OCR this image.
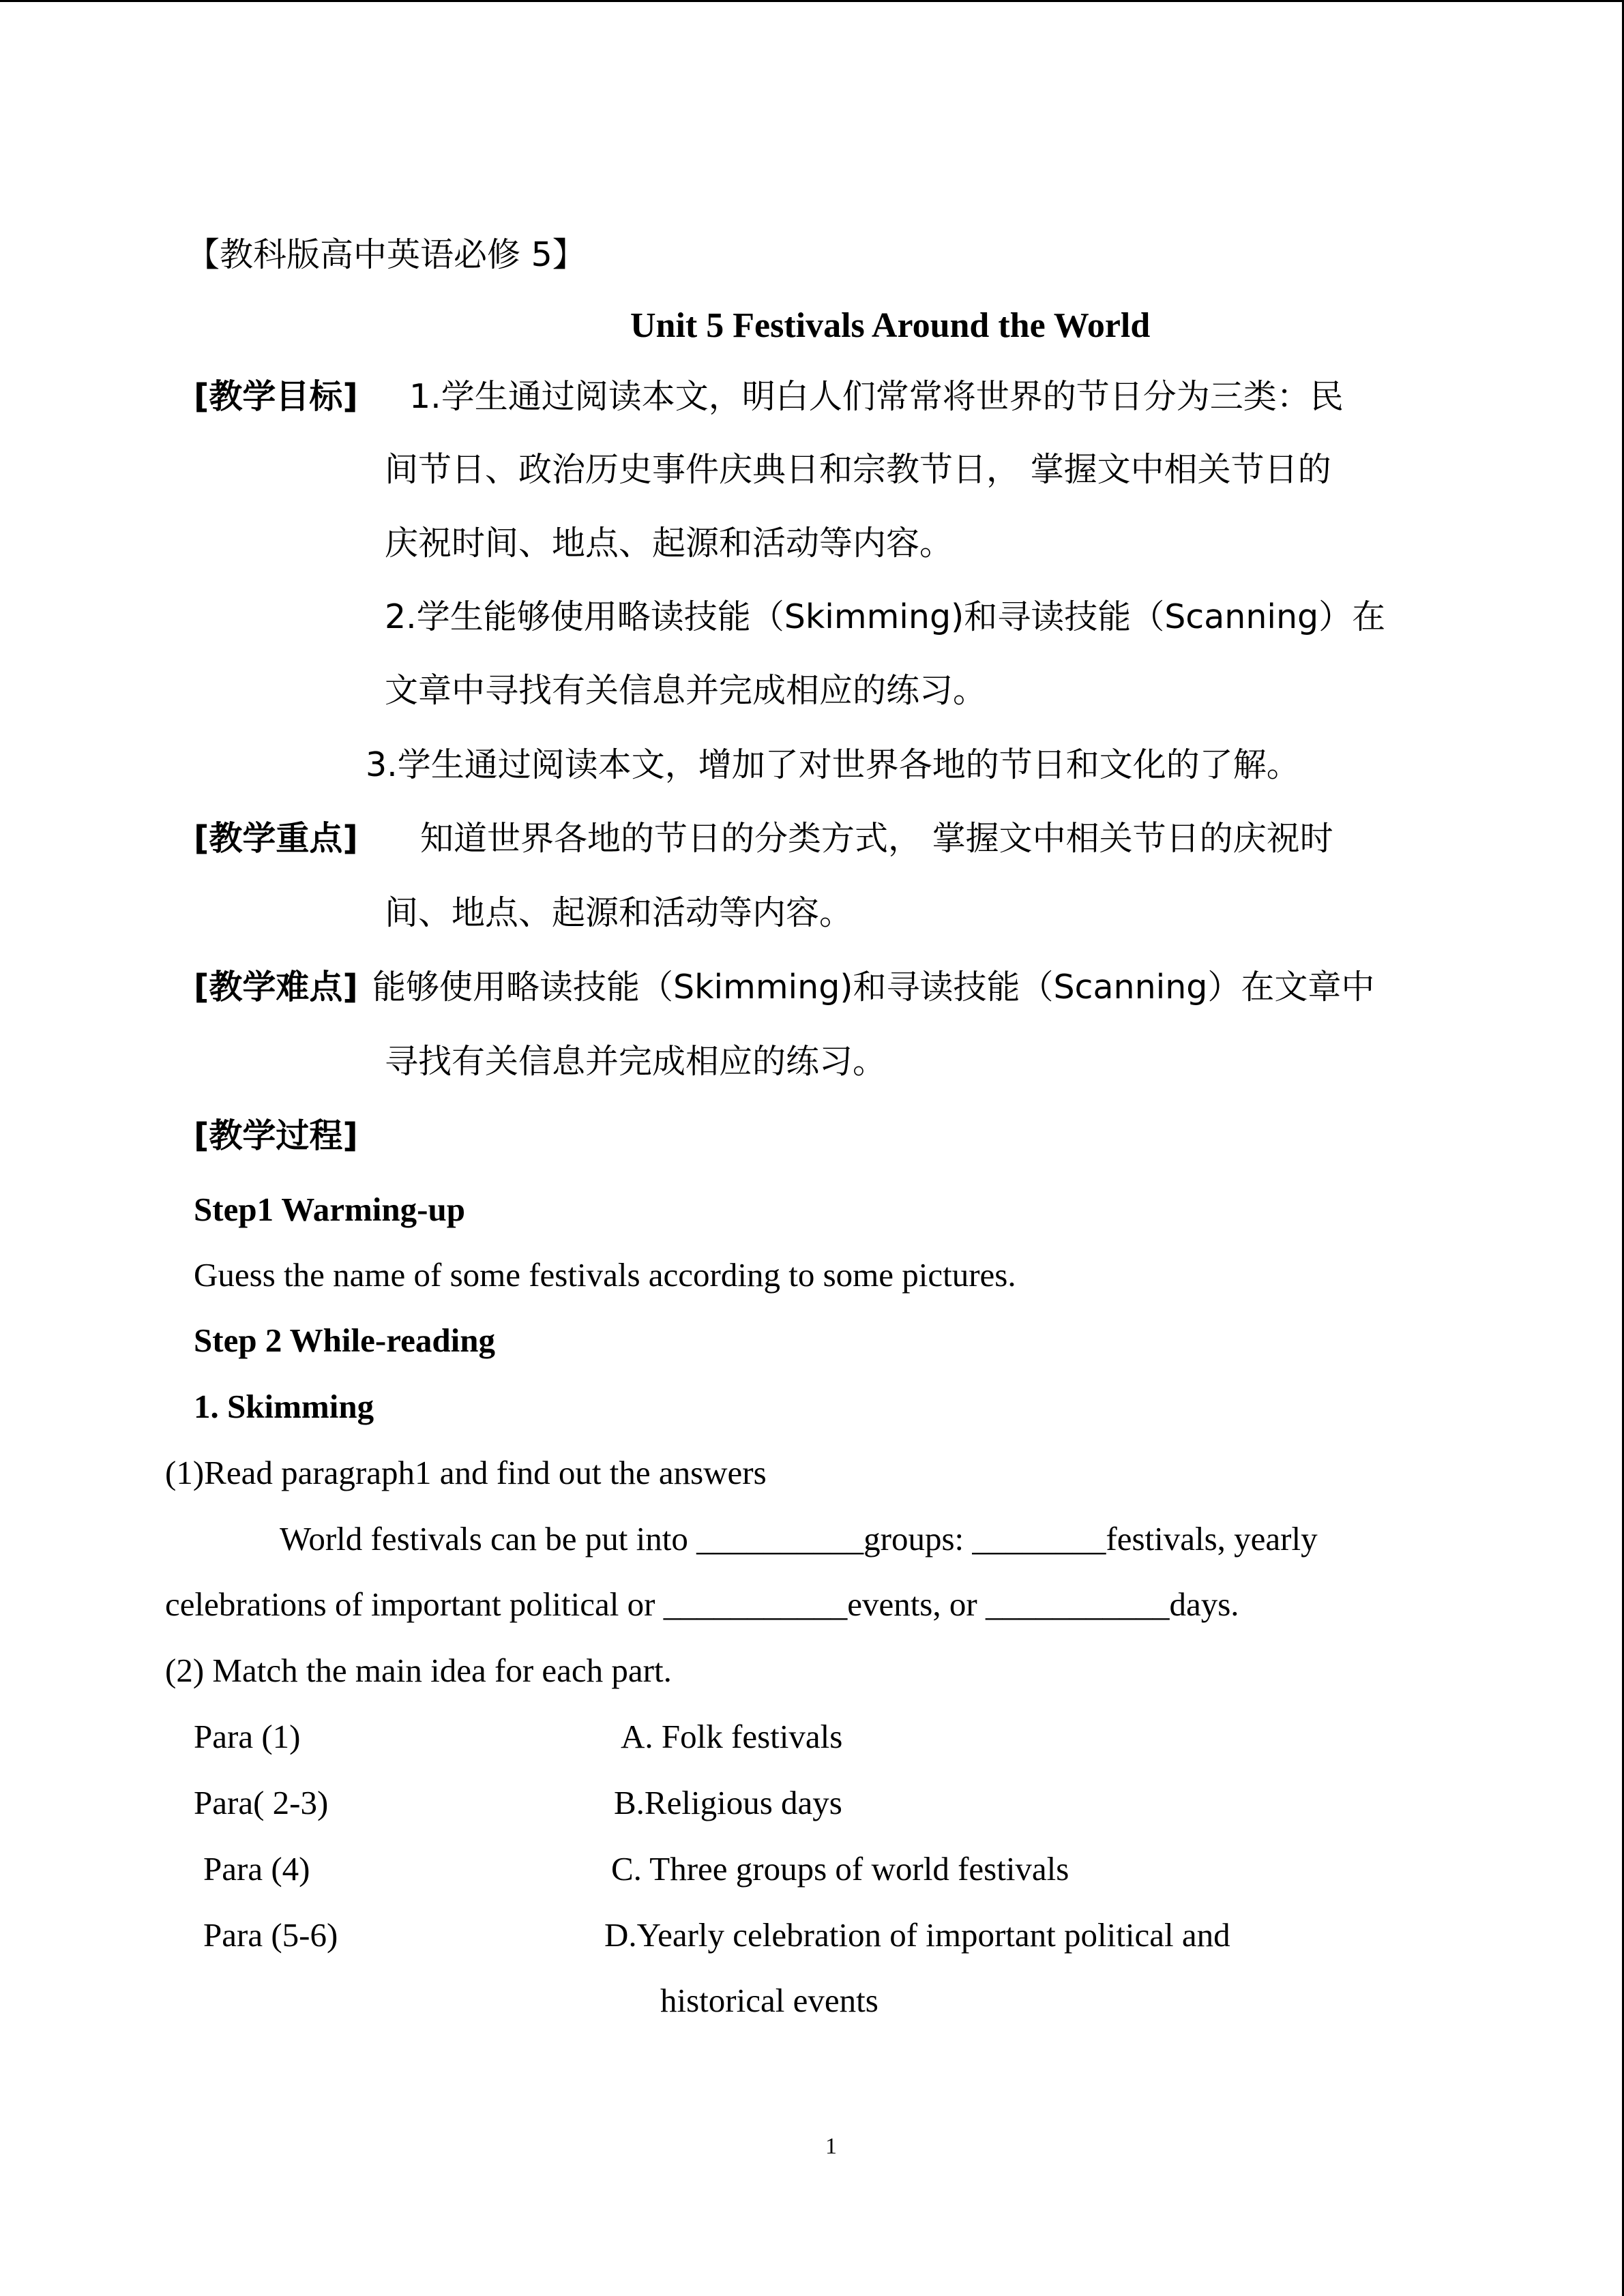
【教科版高中英语必修 5】
Unit 5 Festivals Around the World
[教学目标] 1.学生通过阅读本文，明白人们常常将世界的节日分为三类：民
间节日、政治历史事件庆典日和宗教节日， 掌握文中相关节日的
庆祝时间、地点、起源和活动等内容。
2.学生能够使用略读技能（Skimming)和寻读技能（Scanning）在
文章中寻找有关信息并完成相应的练习。
3.学生通过阅读本文，增加了对世界各地的节日和文化的了解。
[教学重点] 知道世界各地的节日的分类方式， 掌握文中相关节日的庆祝时
间、地点、起源和活动等内容。
[教学难点] 能够使用略读技能（Skimming)和寻读技能（Scanning）在文章中
寻找有关信息并完成相应的练习。
[教学过程]
Step1 Warming-up
Guess the name of some festivals according to some pictures.
Step 2 While-reading
1. Skimming
(1)Read paragraph1 and find out the answers
World festivals can be put into __________groups: ________festivals, yearly
celebrations of important political or ___________events, or ___________days.
(2) Match the main idea for each part.
Para (1)	A. Folk festivals
Para( 2-3)	B.Religious days
Para (4)	C. Three groups of world festivals
Para (5-6)	D.Yearly celebration of important political and
historical events
1
